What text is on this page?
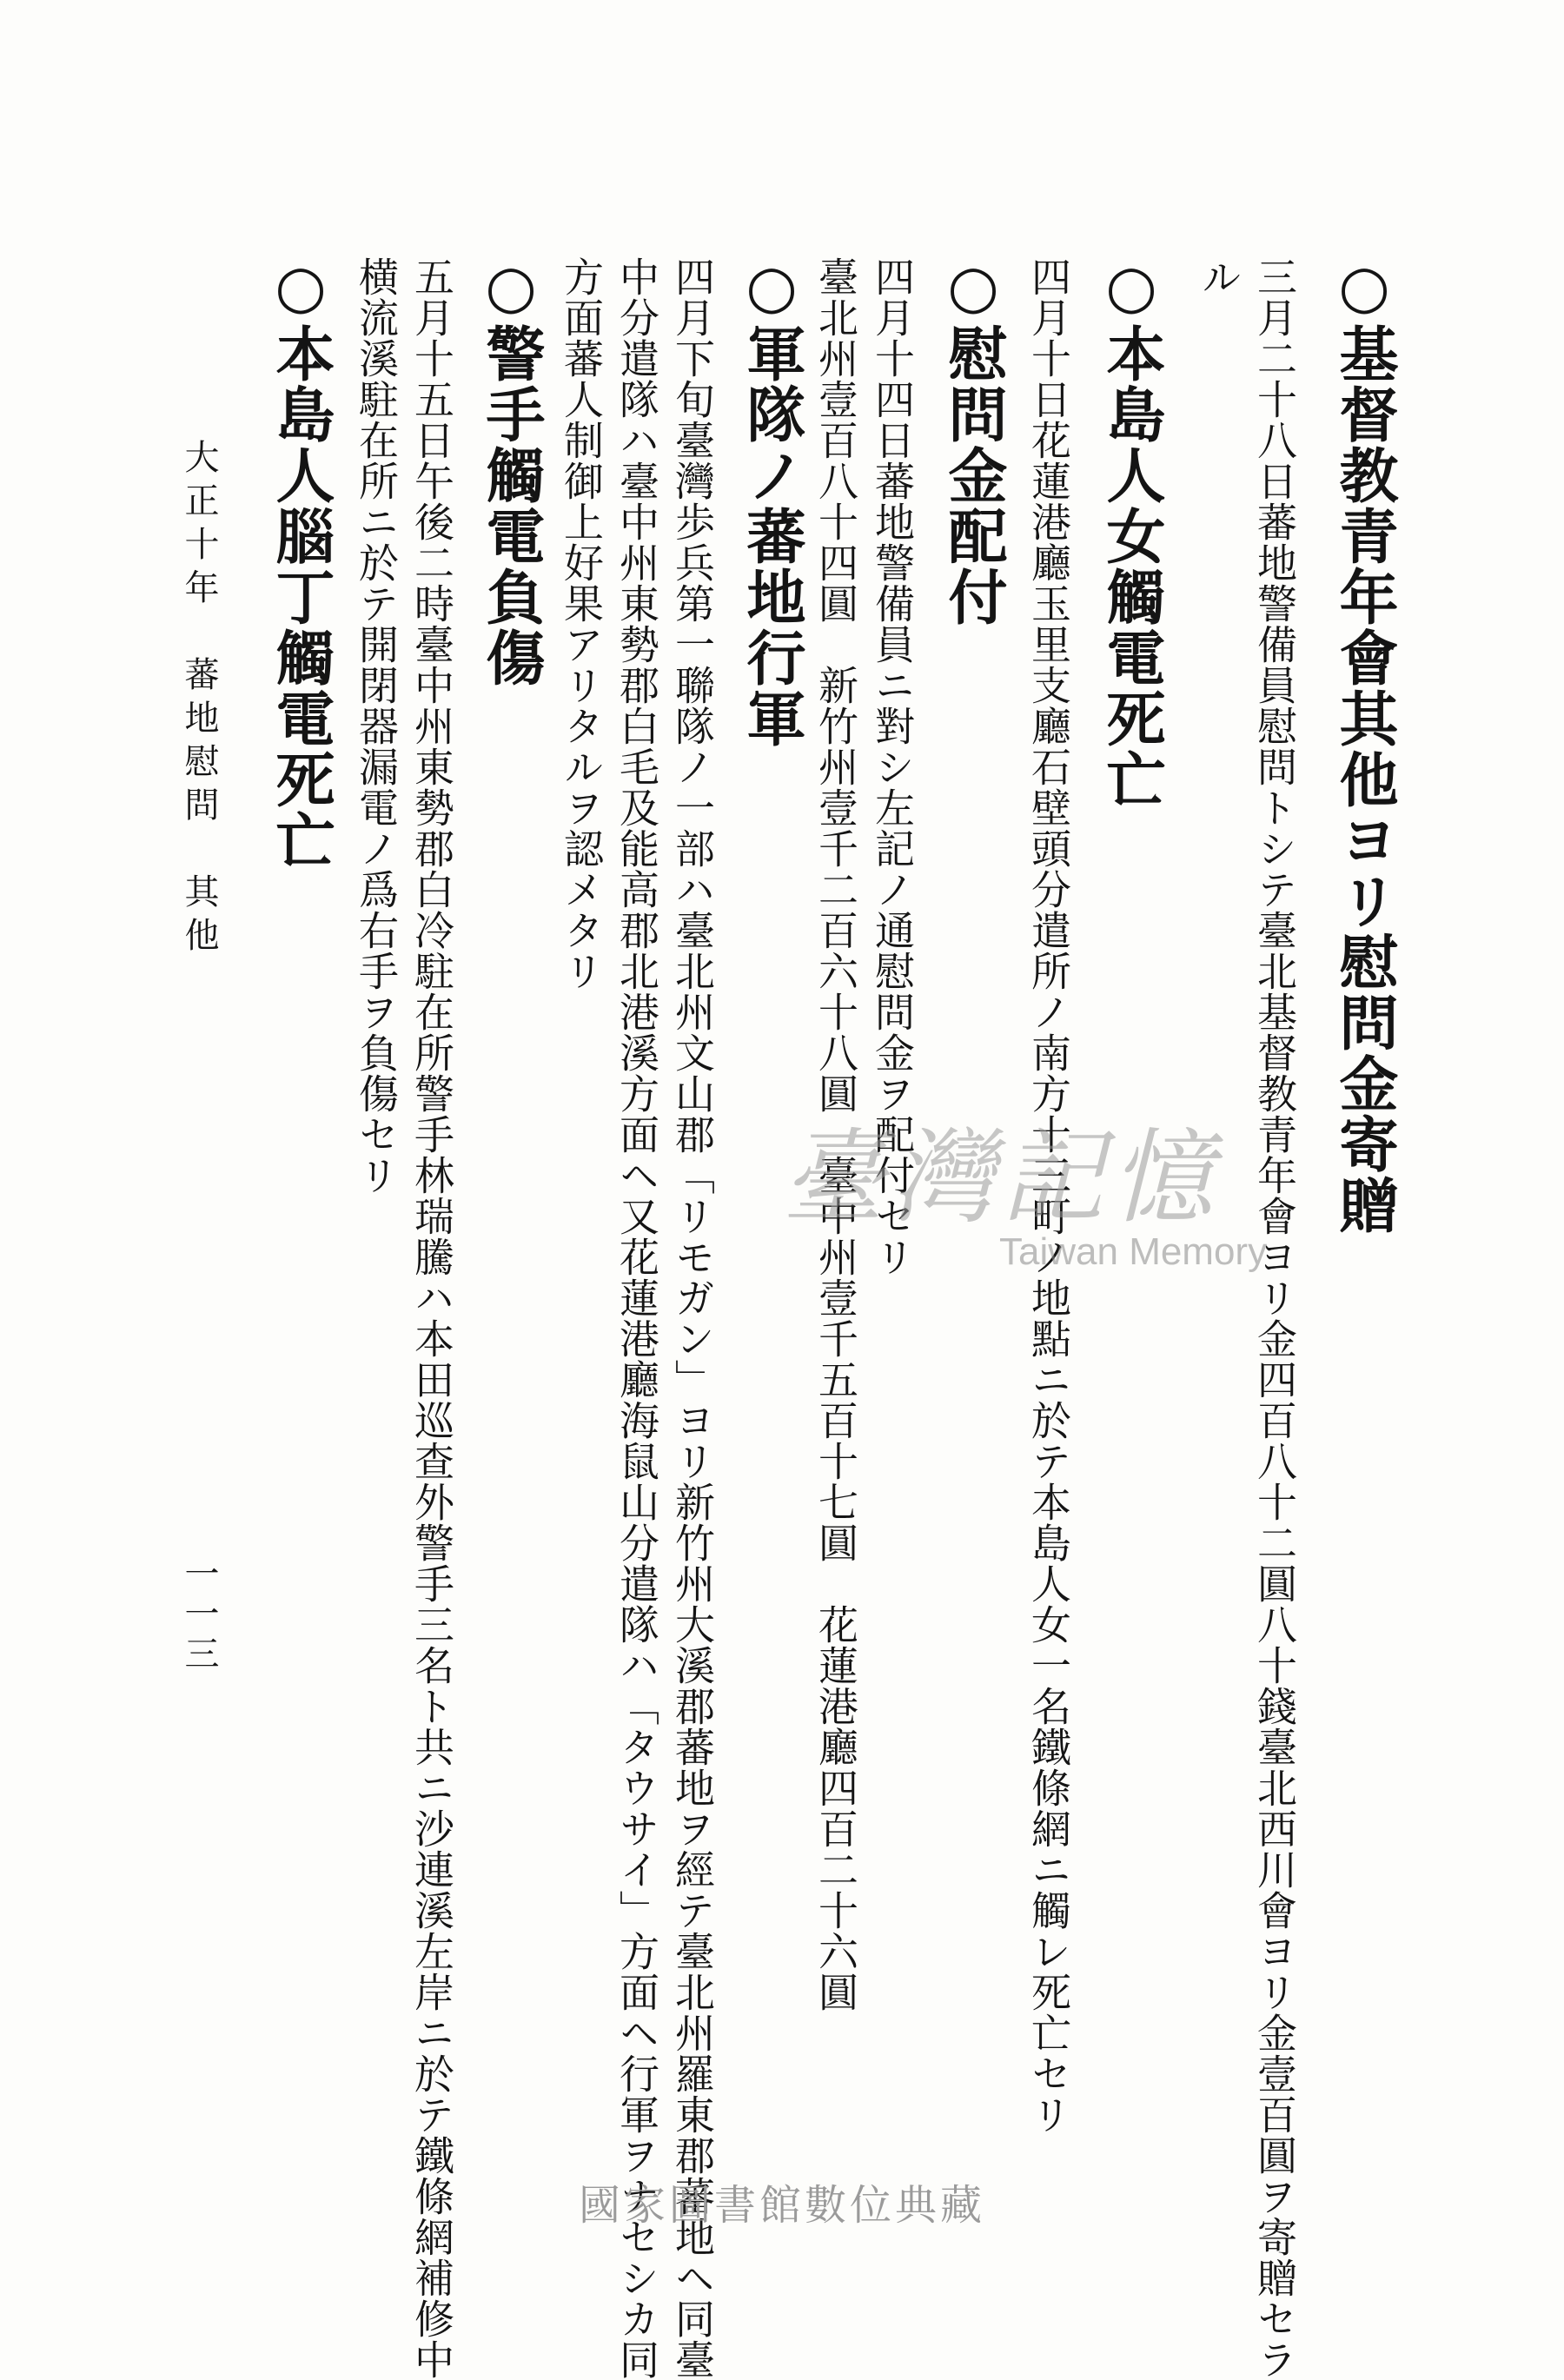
○基督教青年會其他ヨリ慰問金寄贈
三月二十八日蕃地警備員慰問トシテ臺北基督教青年會ヨリ金四百八十二圓八十錢臺北西川會ヨリ金壹百圓ヲ寄贈セラ
ル
○本島人女觸電死亡
四月十日花蓮港廳玉里支廳石壁頭分遣所ノ南方十三町ノ地點ニ於テ本島人女一名鐵條網ニ觸レ死亡セリ
○慰問金配付
四月十四日蕃地警備員ニ對シ左記ノ通慰問金ヲ配付セリ
臺北州壹百八十四圓　新竹州壹千二百六十八圓　臺中州壹千五百十七圓　花蓮港廳四百二十六圓
○軍隊ノ蕃地行軍
四月下旬臺灣歩兵第一聯隊ノ一部ハ臺北州文山郡「リモガン」ヨリ新竹州大溪郡蕃地ヲ經テ臺北州羅東郡蕃地ヘ同臺
中分遣隊ハ臺中州東勢郡白毛及能高郡北港溪方面ヘ又花蓮港廳海鼠山分遣隊ハ「タウサイ」方面ヘ行軍ヲナセシカ同
方面蕃人制御上好果アリタルヲ認メタリ
○警手觸電負傷
五月十五日午後二時臺中州東勢郡白冷駐在所警手林瑞騰ハ本田巡查外警手三名ト共ニ沙連溪左岸ニ於テ鐵條網補修中
横流溪駐在所ニ於テ開閉器漏電ノ爲右手ヲ負傷セリ
○本島人腦丁觸電死亡
大正十年　蕃地慰問　其他
一一三
臺灣記憶
Taiwan Memory
國家圖書館數位典藏
